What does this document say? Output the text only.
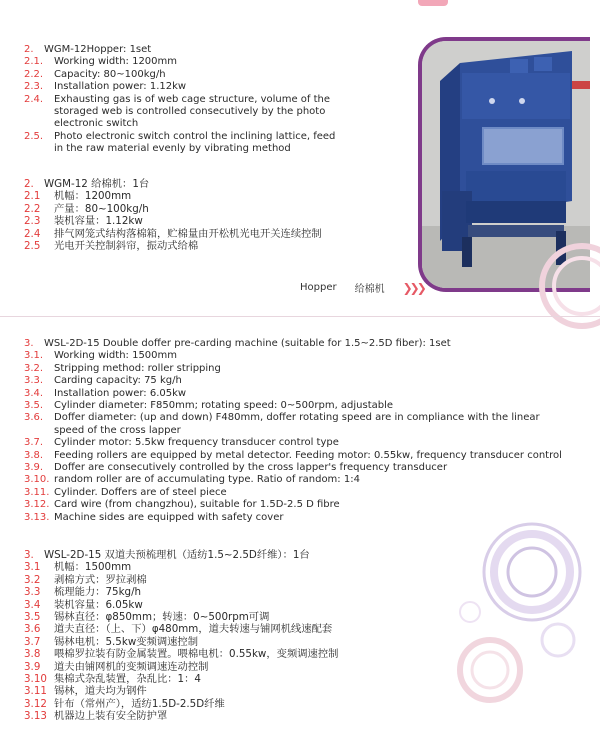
2.	WGM-12Hopper: 1set
2.1.	Working width: 1200mm
2.2.	Capacity: 80~100kg/h
2.3.	Installation power: 1.12kw
2.4.	Exhausting gas is of web cage structure, volume of the
storaged web is controlled consecutively by the photo
electronic switch
2.5.	Photo electronic switch control the inclining lattice, feed
in the raw material evenly by vibrating method
2. WGM-12 给棉机：1台
2.1	机幅：1200mm
2.2	产量：80~100kg/h
2.3	装机容量：1.12kw
2.4	排气网笼式结构落棉箱，贮棉量由开松机光电开关连续控制
2.5	光电开关控制斜帘，振动式给棉
Hopper 给棉机 ❯❯❯
3.	WSL-2D-15 Double doffer pre-carding machine (suitable for 1.5~2.5D fiber): 1set
3.1.	Working width: 1500mm
3.2.	Stripping method: roller stripping
3.3.	Carding capacity: 75 kg/h
3.4.	Installation power: 6.05kw
3.5.	Cylinder diameter: F850mm; rotating speed: 0~500rpm, adjustable
3.6.	Doffer diameter: (up and down) F480mm, doffer rotating speed are in compliance with the linear
speed of the cross lapper
3.7.	Cylinder motor: 5.5kw frequency transducer control type
3.8.	Feeding rollers are equipped by metal detector. Feeding motor: 0.55kw, frequency transducer control
3.9.	Doffer are consecutively controlled by the cross lapper's frequency transducer
3.10. random roller are of accumulating type. Ratio of random: 1:4
3.11. Cylinder. Doffers are of steel piece
3.12. Card wire (from changzhou), suitable for 1.5D-2.5 D fibre
3.13. Machine sides are equipped with safety cover
3. WSL-2D-15 双道夫预梳理机（适纺1.5~2.5D纤维）：1台
3.1	机幅：1500mm
3.2	剥棉方式：罗拉剥棉
3.3	梳理能力：75kg/h
3.4	装机容量：6.05kw
3.5	锡林直径：φ850mm；转速：0~500rpm可调
3.6	道夫直径：（上、下）φ480mm，道夫转速与铺网机线速配套
3.7	锡林电机：5.5kw变频调速控制
3.8	喂棉罗拉装有防金属装置。喂棉电机：0.55kw，变频调速控制
3.9	道夫由铺网机的变频调速连动控制
3.10 集棉式杂乱装置，杂乱比：1：4
3.11 锡林，道夫均为钢件
3.12 针布（常州产），适纺1.5D-2.5D纤维
3.13 机器边上装有安全防护罩
